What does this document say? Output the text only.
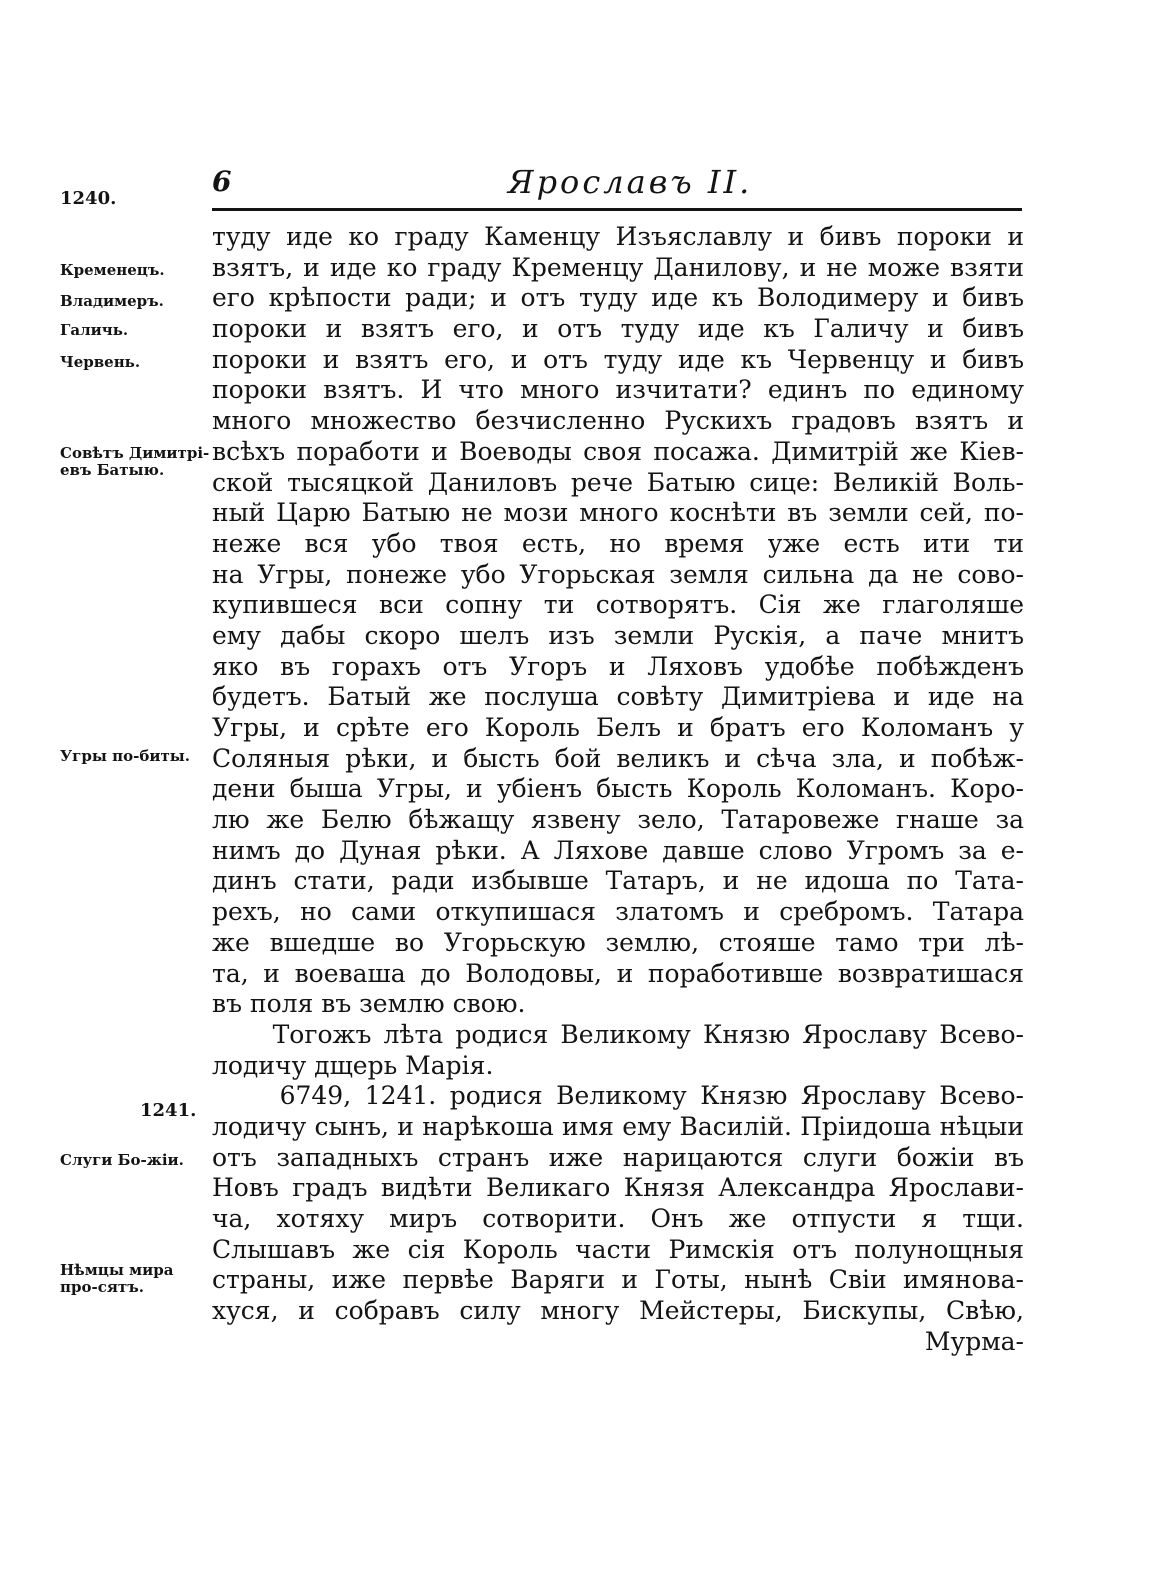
6	Ярославъ II.
1240.
Кременецъ.
Владимеръ.
Галичь.
Червень.
Совѣтъ Димитрі-евъ Батыю.
Угры по-биты.
1241.
Слуги Бо-жіи.
Нѣмцы мира про-сятъ.
туду иде ко граду Каменцу Изъяславлу и бивъ пороки и
взятъ, и иде ко граду Кременцу Данилову, и не може взяти
его крѣпости ради; и отъ туду иде къ Володимеру и бивъ
пороки и взятъ его, и отъ туду иде къ Галичу и бивъ
пороки и взятъ его, и отъ туду иде къ Червенцу и бивъ
пороки взятъ. И что много изчитати? единъ по единому
много множество безчисленно Рускихъ градовъ взятъ и
всѣхъ поработи и Воеводы своя посажа. Димитрій же Кіев-
ской тысяцкой Даниловъ рече Батыю сице: Великій Воль-
ный Царю Батыю не мози много коснѣти въ земли сей, по-
неже вся убо твоя есть, но время уже есть ити ти
на Угры, понеже убо Угорьская земля сильна да не сово-
купившеся вси сопну ти сотворятъ. Сія же глаголяше
ему дабы скоро шелъ изъ земли Рускія, а паче мнитъ
яко въ горахъ отъ Угоръ и Ляховъ удобѣе побѣжденъ
будетъ. Батый же послуша совѣту Димитріева и иде на
Угры, и срѣте его Король Белъ и братъ его Коломанъ у
Соляныя рѣки, и бысть бой великъ и сѣча зла, и побѣж-
дени быша Угры, и убіенъ бысть Король Коломанъ. Коро-
лю же Белю бѣжащу язвену зело, Татаровеже гнаше за
нимъ до Дуная рѣки. А Ляхове давше слово Угромъ за е-
динъ стати, ради избывше Татаръ, и не идоша по Тата-
рехъ, но сами откупишася златомъ и сребромъ. Татара
же вшедше во Угорьскую землю, стояше тамо три лѣ-
та, и воеваша до Володовы, и поработивше возвратишася
въ поля въ землю свою.
Тогожъ лѣта родися Великому Князю Ярославу Всево-
лодичу дщерь Марія.
6749, 1241. родися Великому Князю Ярославу Всево-
лодичу сынъ, и нарѣкоша имя ему Василій. Пріидоша нѣцыи
отъ западныхъ странъ иже нарицаются слуги божіи въ
Новъ градъ видѣти Великаго Князя Александра Ярослави-
ча, хотяху миръ сотворити. Онъ же отпусти я тщи.
Слышавъ же сія Король части Римскія отъ полунощныя
страны, иже первѣе Варяги и Готы, нынѣ Свіи имянова-
хуся, и собравъ силу многу Мейстеры, Бискупы, Свѣю,
Мурма-
